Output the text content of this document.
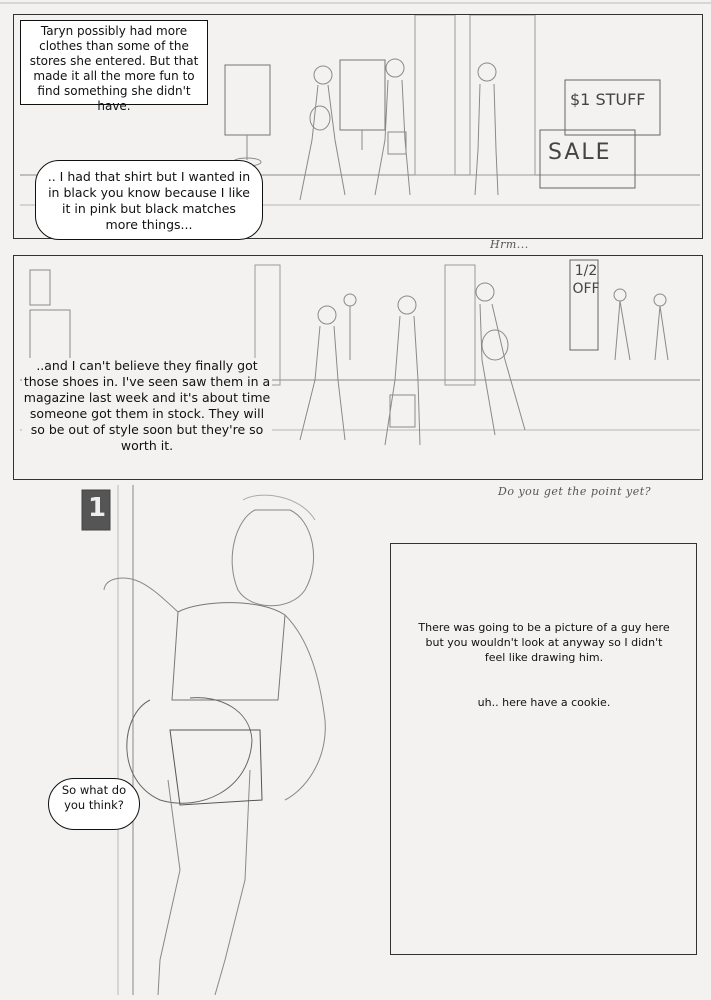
Taryn possibly had more clothes than some of the stores she entered. But that made it all the more fun to find something she didn't have.
.. I had that shirt but I wanted in in black you know because I like it in pink but black matches more things...
SALE
$1 STUFF
Hrm...
..and I can't believe they finally got those shoes in. I've seen saw them in a magazine last week and it's about time someone got them in stock. They will so be out of style soon but they're so worth it.
1/2 OFF
Do you get the point yet?
1
So what do you think?
There was going to be a picture of a guy here but you wouldn't look at anyway so I didn't feel like drawing him.
uh.. here have a cookie.
